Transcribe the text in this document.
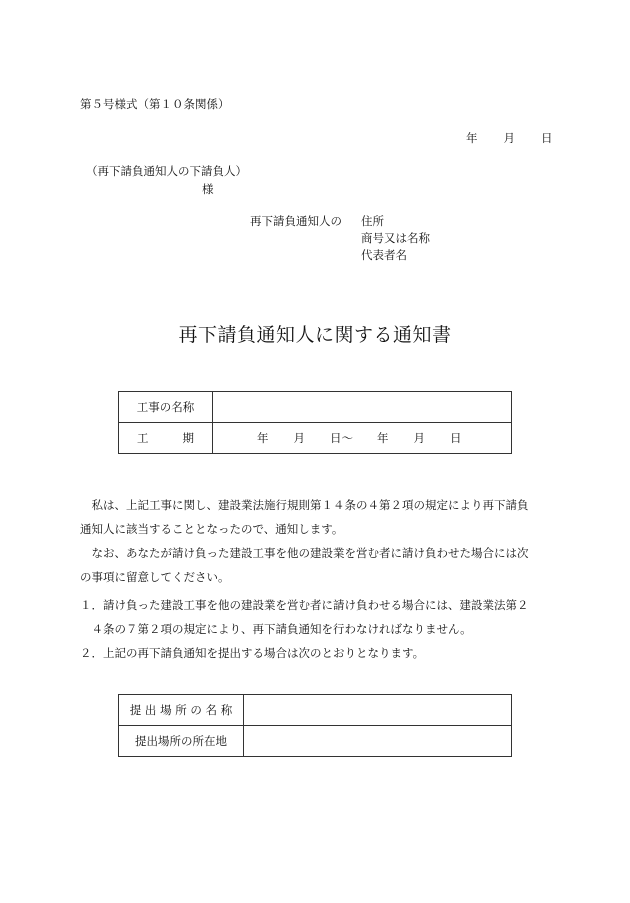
第５号様式（第１０条関係）
年 月 日
（再下請負通知人の下請負人）
様
再下請負通知人の 住所
商号又は名称
代表者名
再下請負通知人に関する通知書
工事の名称	
工 期	年 月 日～ 年 月 日
　私は、上記工事に関し、建設業法施行規則第１４条の４第２項の規定により再下請負
通知人に該当することとなったので、通知します。
　なお、あなたが請け負った建設工事を他の建設業を営む者に請け負わせた場合には次
の事項に留意してください。
１．請け負った建設工事を他の建設業を営む者に請け負わせる場合には、建設業法第２
　４条の７第２項の規定により、再下請負通知を行わなければなりません。
２．上記の再下請負通知を提出する場合は次のとおりとなります。
提 出 場 所 の 名 称	
提出場所の所在地	
